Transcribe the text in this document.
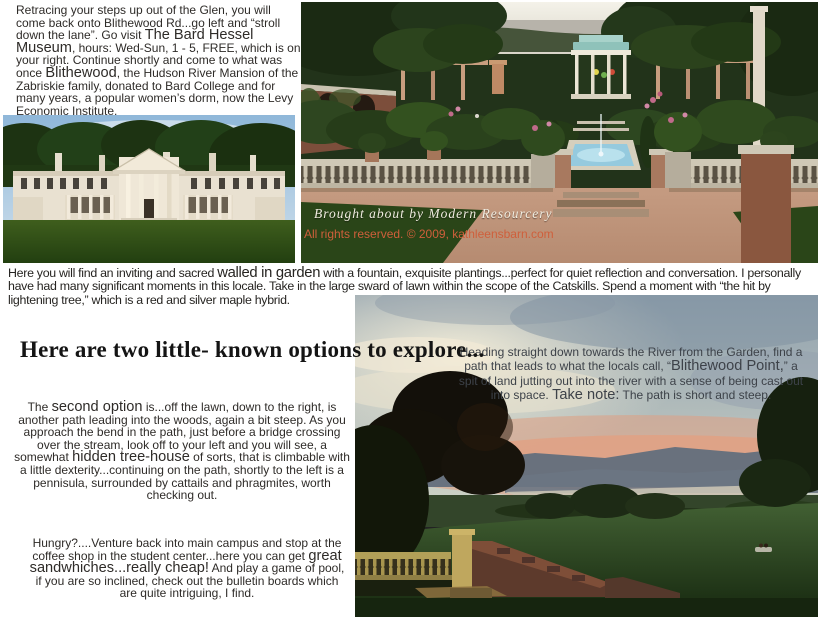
Retracing your steps up out of the Glen, you will come back onto Blithewood Rd...go left and “stroll down the lane”. Go visit The Bard Hessel Museum, hours: Wed-Sun, 1 - 5, FREE, which is on your right. Continue shortly and come to what was once Blithewood, the Hudson River Mansion of the Zabriskie family, donated to Bard College and for many years, a popular women’s dorm, now the Levy Economic Institute.

Brought about by Modern Resourcery
All rights reserved. © 2009, kathleensbarn.com

Here you will find an inviting and sacred walled in garden with a fountain, exquisite plantings...perfect for quiet reflection and conversation. I personally have had many significant moments in this locale. Take in the large sward of lawn within the scope of the Catskills. Spend a moment with “the hit by lightening tree,” which is a red and silver maple hybrid.

Here are two little- known options to explore...

Heading straight down towards the River from the Garden, find a path that leads to what the locals call, “Blithewood Point,” a spit of land jutting out into the river with a sense of being cast out into space. Take note: The path is short and steep.

The second option is...off the lawn, down to the right, is another path leading into the woods, again a bit steep. As you approach the bend in the path, just before a bridge crossing over the stream, look off to your left and you will see, a somewhat hidden tree-house of sorts, that is climbable with a little dexterity...continuing on the path, shortly to the left is a pennisula, surrounded by cattails and phragmites, worth checking out.

Hungry?....Venture back into main campus and stop at the coffee shop in the student center...here you can get great sandwhiches...really cheap! And play a game of pool, if you are so inclined, check out the bulletin boards which are quite intriguing, I find.
